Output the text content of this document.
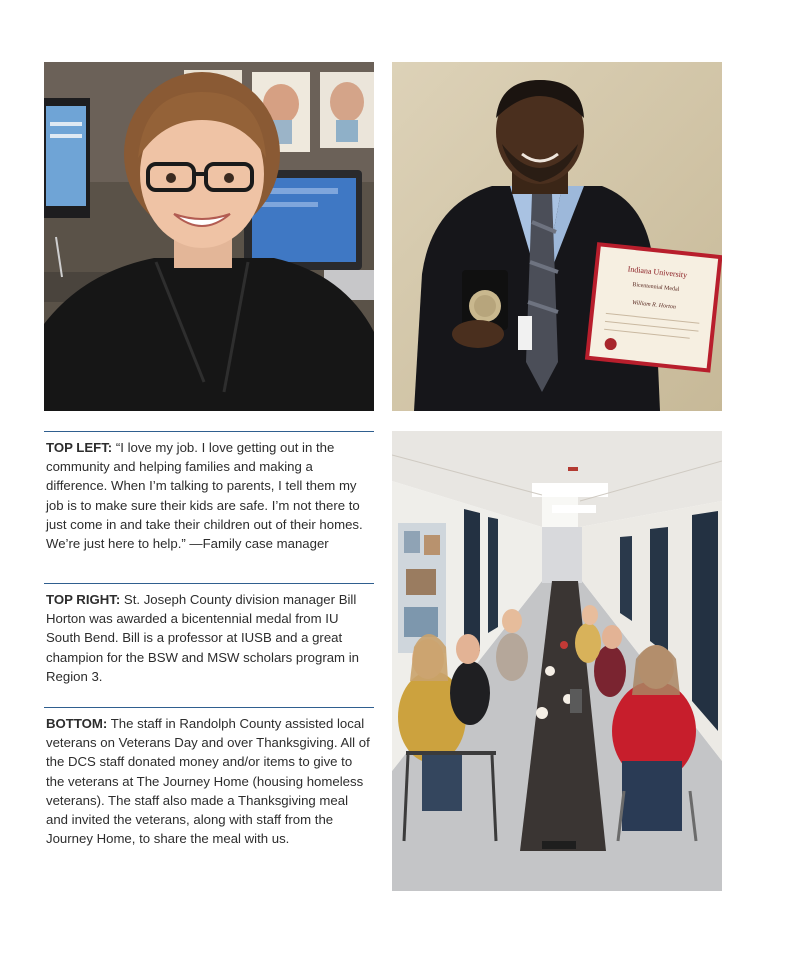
Indiana University
Bicentennial Medal
William R. Horton
TOP LEFT: “I love my job. I love getting out in the community and helping families and making a difference. When I’m talking to parents, I tell them my job is to make sure their kids are safe. I’m not there to just come in and take their children out of their homes. We’re just here to help.” —Family case manager
TOP RIGHT: St. Joseph County division manager Bill Horton was awarded a bicentennial medal from IU South Bend. Bill is a professor at IUSB and a great champion for the BSW and MSW scholars program in Region 3.
BOTTOM: The staff in Randolph County assisted local veterans on Veterans Day and over Thanksgiving. All of the DCS staff donated money and/or items to give to the veterans at The Journey Home (housing homeless veterans). The staff also made a Thanksgiving meal and invited the veterans, along with staff from the Journey Home, to share the meal with us.
